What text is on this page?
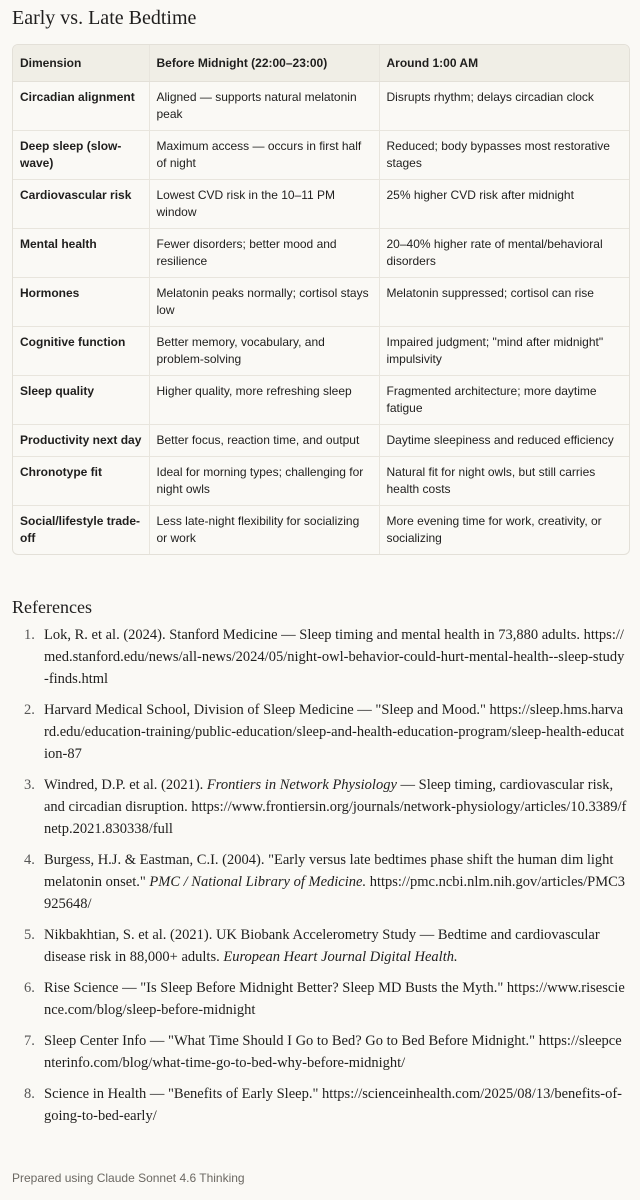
Early vs. Late Bedtime
Dimension	Before Midnight (22:00–23:00)	Around 1:00 AM
Circadian alignment	Aligned — supports natural melatonin peak	Disrupts rhythm; delays circadian clock
Deep sleep (slow-wave)	Maximum access — occurs in first half of night	Reduced; body bypasses most restorative stages
Cardiovascular risk	Lowest CVD risk in the 10–11 PM window	25% higher CVD risk after midnight
Mental health	Fewer disorders; better mood and resilience	20–40% higher rate of mental/behavioral disorders
Hormones	Melatonin peaks normally; cortisol stays low	Melatonin suppressed; cortisol can rise
Cognitive function	Better memory, vocabulary, and problem-solving	Impaired judgment; "mind after midnight" impulsivity
Sleep quality	Higher quality, more refreshing sleep	Fragmented architecture; more daytime fatigue
Productivity next day	Better focus, reaction time, and output	Daytime sleepiness and reduced efficiency
Chronotype fit	Ideal for morning types; challenging for night owls	Natural fit for night owls, but still carries health costs
Social/lifestyle trade-off	Less late-night flexibility for socializing or work	More evening time for work, creativity, or socializing
References
1. Lok, R. et al. (2024). Stanford Medicine — Sleep timing and mental health in 73,880 adults. https://med.stanford.edu/news/all-news/2024/05/night-owl-behavior-could-hurt-mental-health--sleep-study-finds.html
2. Harvard Medical School, Division of Sleep Medicine — "Sleep and Mood." https://sleep.hms.harvard.edu/education-training/public-education/sleep-and-health-education-program/sleep-health-education-87
3. Windred, D.P. et al. (2021). Frontiers in Network Physiology — Sleep timing, cardiovascular risk, and circadian disruption. https://www.frontiersin.org/journals/network-physiology/articles/10.3389/fnetp.2021.830338/full
4. Burgess, H.J. & Eastman, C.I. (2004). "Early versus late bedtimes phase shift the human dim light melatonin onset." PMC / National Library of Medicine. https://pmc.ncbi.nlm.nih.gov/articles/PMC3925648/
5. Nikbakhtian, S. et al. (2021). UK Biobank Accelerometry Study — Bedtime and cardiovascular disease risk in 88,000+ adults. European Heart Journal Digital Health.
6. Rise Science — "Is Sleep Before Midnight Better? Sleep MD Busts the Myth." https://www.risescience.com/blog/sleep-before-midnight
7. Sleep Center Info — "What Time Should I Go to Bed? Go to Bed Before Midnight." https://sleepcenterinfo.com/blog/what-time-go-to-bed-why-before-midnight/
8. Science in Health — "Benefits of Early Sleep." https://scienceinhealth.com/2025/08/13/benefits-of-going-to-bed-early/
Prepared using Claude Sonnet 4.6 Thinking
